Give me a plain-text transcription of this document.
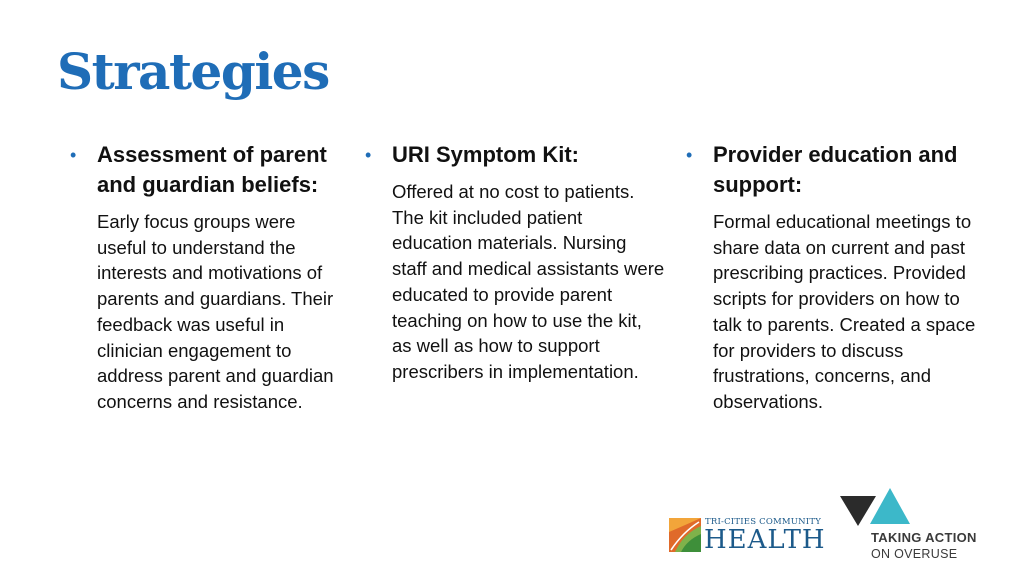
Strategies
• Assessment of parent and guardian beliefs:

Early focus groups were useful to understand the interests and motivations of parents and guardians. Their feedback was useful in clinician engagement to address parent and guardian concerns and resistance.

• URI Symptom Kit:

Offered at no cost to patients. The kit included patient education materials. Nursing staff and medical assistants were educated to provide parent teaching on how to use the kit, as well as how to support prescribers in implementation.

• Provider education and support:

Formal educational meetings to share data on current and past prescribing practices. Provided scripts for providers on how to talk to parents. Created a space for providers to discuss frustrations, concerns, and observations.

TRI-CITIES COMMUNITY
HEALTH	TAKING ACTION
ON OVERUSE
